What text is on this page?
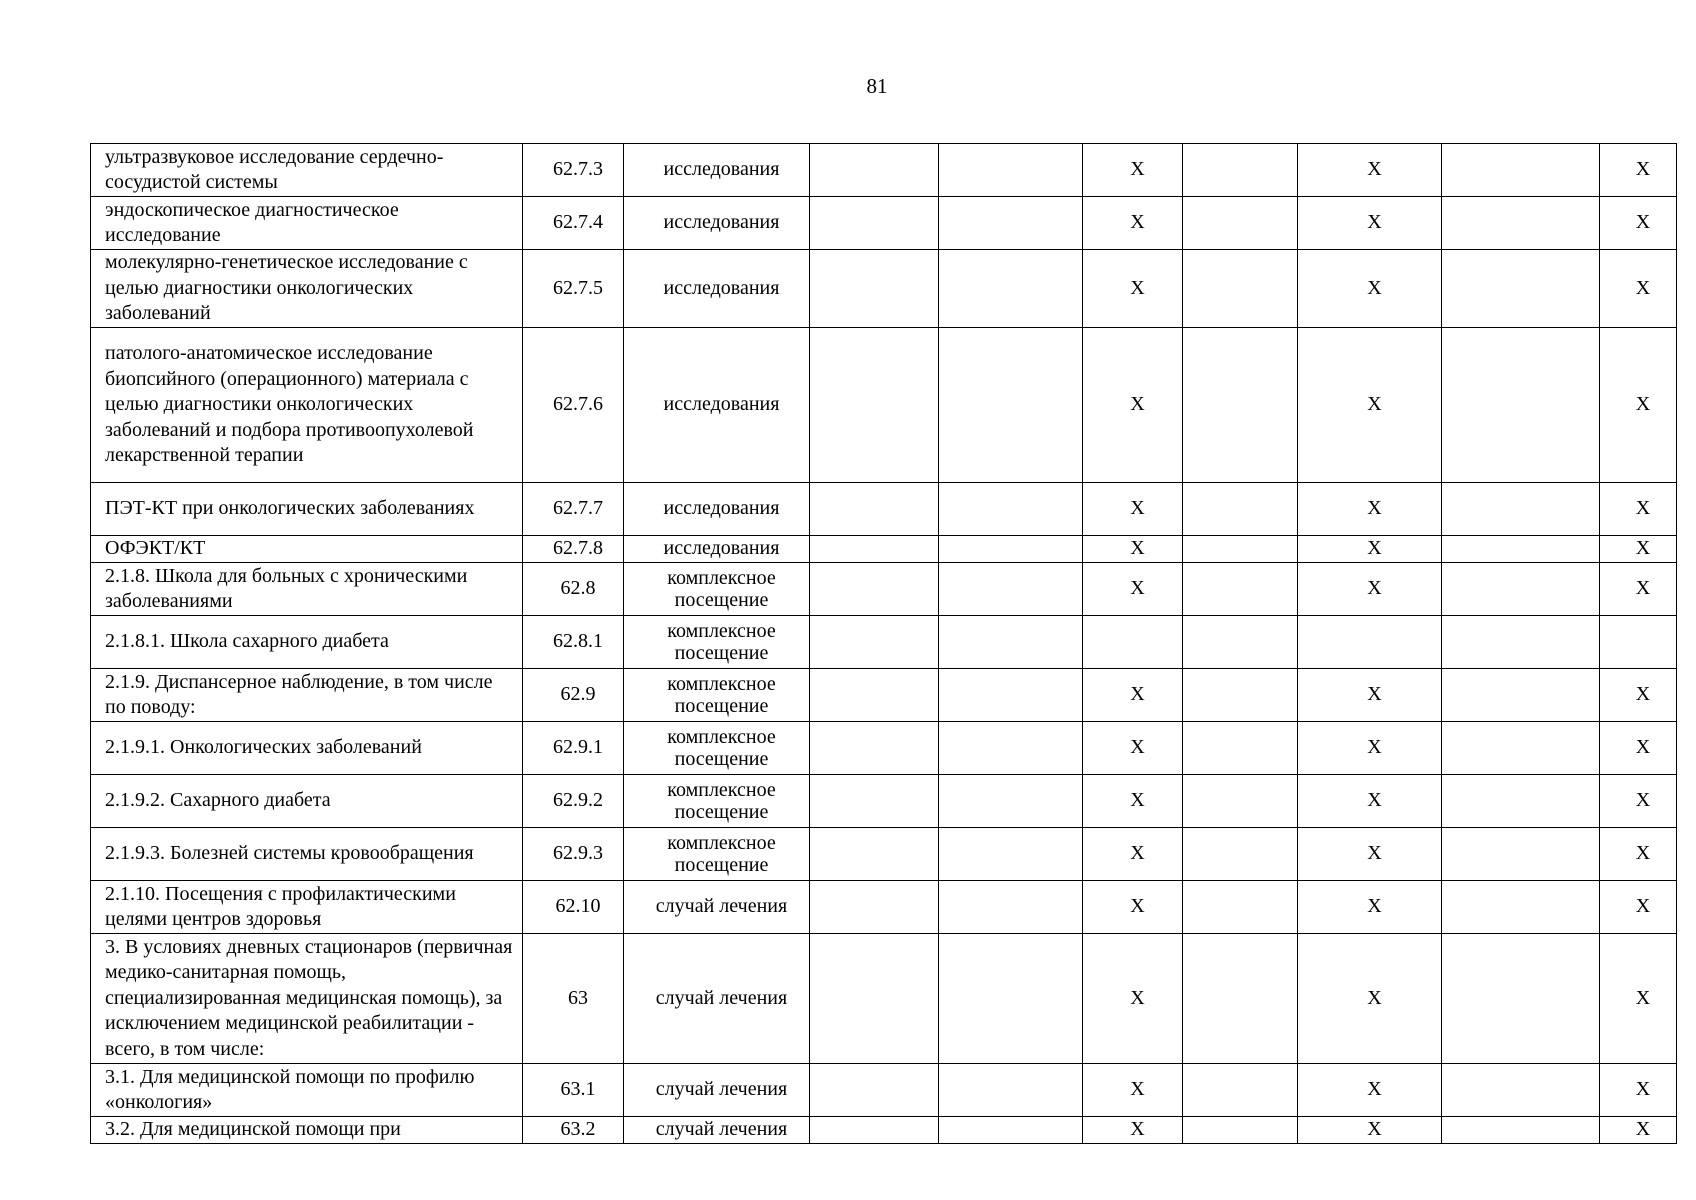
81
ультразвуковое исследование сердечно-сосудистой системы	62.7.3	исследования			X		X		X
эндоскопическое диагностическое исследование	62.7.4	исследования			X		X		X
молекулярно-генетическое исследование с целью диагностики онкологических заболеваний	62.7.5	исследования			X		X		X
патолого-анатомическое исследование биопсийного (операционного) материала с целью диагностики онкологических заболеваний и подбора противоопухолевой лекарственной терапии	62.7.6	исследования			X		X		X
ПЭТ-КТ при онкологических заболеваниях	62.7.7	исследования			X		X		X
ОФЭКТ/КТ	62.7.8	исследования			X		X		X
2.1.8. Школа для больных с хроническими заболеваниями	62.8	комплексное посещение			X		X		X
2.1.8.1. Школа сахарного диабета	62.8.1	комплексное посещение							
2.1.9. Диспансерное наблюдение, в том числе по поводу:	62.9	комплексное посещение			X		X		X
2.1.9.1. Онкологических заболеваний	62.9.1	комплексное посещение			X		X		X
2.1.9.2. Сахарного диабета	62.9.2	комплексное посещение			X		X		X
2.1.9.3. Болезней системы кровообращения	62.9.3	комплексное посещение			X		X		X
2.1.10. Посещения с профилактическими целями центров здоровья	62.10	случай лечения			X		X		X
3. В условиях дневных стационаров (первичная медико-санитарная помощь, специализированная медицинская помощь), за исключением медицинской реабилитации - всего, в том числе:	63	случай лечения			X		X		X
3.1. Для медицинской помощи по профилю «онкология»	63.1	случай лечения			X		X		X
3.2. Для медицинской помощи при	63.2	случай лечения			X		X		X
